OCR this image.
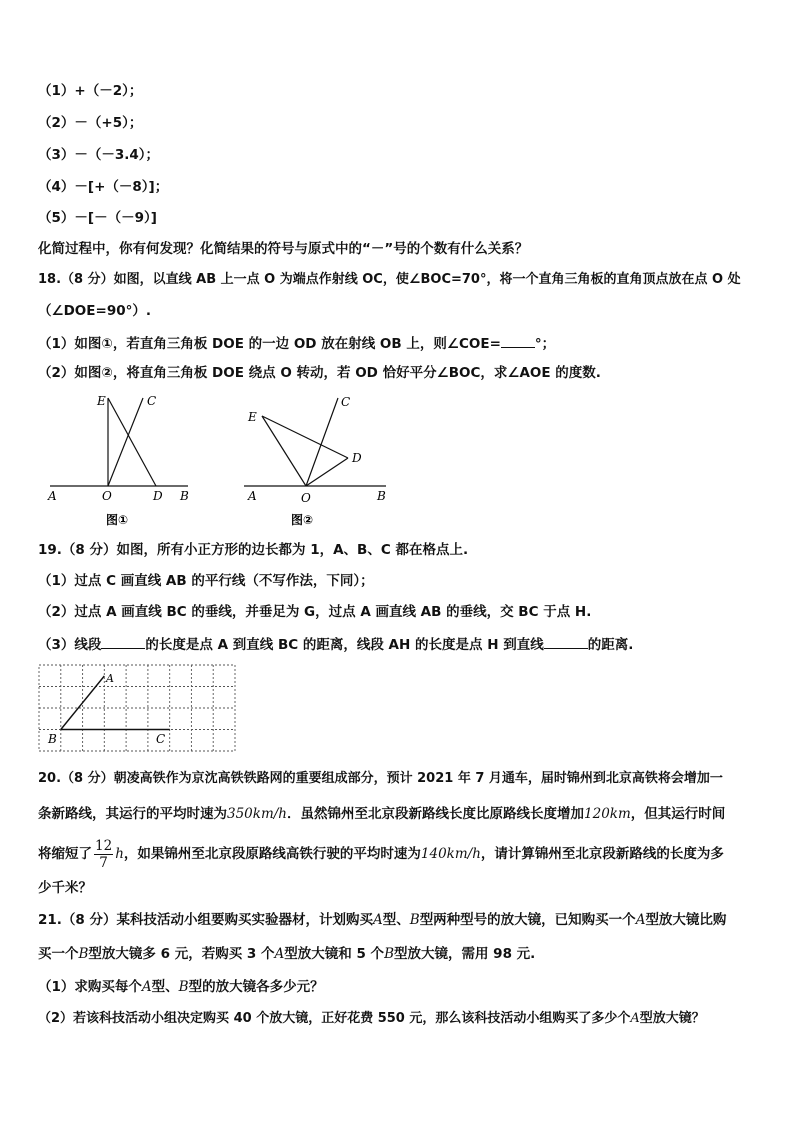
（1）+（－2）；
（2）－（+5）；
（3）－（－3.4）；
（4）－[+（－8）]；
（5）－[－（－9）]
化简过程中，你有何发现？化简结果的符号与原式中的“－”号的个数有什么关系？
18.（8 分）如图，以直线 AB 上一点 O 为端点作射线 OC，使∠BOC=70°，将一个直角三角板的直角顶点放在点 O 处
（∠DOE=90°）.
（1）如图①，若直角三角板 DOE 的一边 OD 放在射线 OB 上，则∠COE=	°；
（2）如图②，将直角三角板 DOE 绕点 O 转动，若 OD 恰好平分∠BOC，求∠AOE 的度数.
E	C
A	O	D B
图①
E
C
D
A	O	B
图②
19.（8 分）如图，所有小正方形的边长都为 1，A、B、C 都在格点上.
（1）过点 C 画直线 AB 的平行线（不写作法，下同）；
（2）过点 A 画直线 BC 的垂线，并垂足为 G，过点 A 画直线 AB 的垂线，交 BC 于点 H.
（3）线段	的长度是点 A 到直线 BC 的距离，线段 AH 的长度是点 H 到直线	的距离.
A
B	C
20.（8 分）朝凌高铁作为京沈高铁铁路网的重要组成部分，预计 2021 年 7 月通车，届时锦州到北京高铁将会增加一
条新路线，其运行的平均时速为350km/h．虽然锦州至北京段新路线长度比原路线长度增加120km，但其运行时间
将缩短了 $\frac{12}{7}$ h，如果锦州至北京段原路线高铁行驶的平均时速为140km/h，请计算锦州至北京段新路线的长度为多
少千米？
21.（8 分）某科技活动小组要购买实验器材，计划购买A型、B型两种型号的放大镜，已知购买一个A型放大镜比购
买一个B型放大镜多 6 元，若购买 3 个A型放大镜和 5 个B型放大镜，需用 98 元.
（1）求购买每个A型、B型的放大镜各多少元？
（2）若该科技活动小组决定购买 40 个放大镜，正好花费 550 元，那么该科技活动小组购买了多少个A型放大镜？
